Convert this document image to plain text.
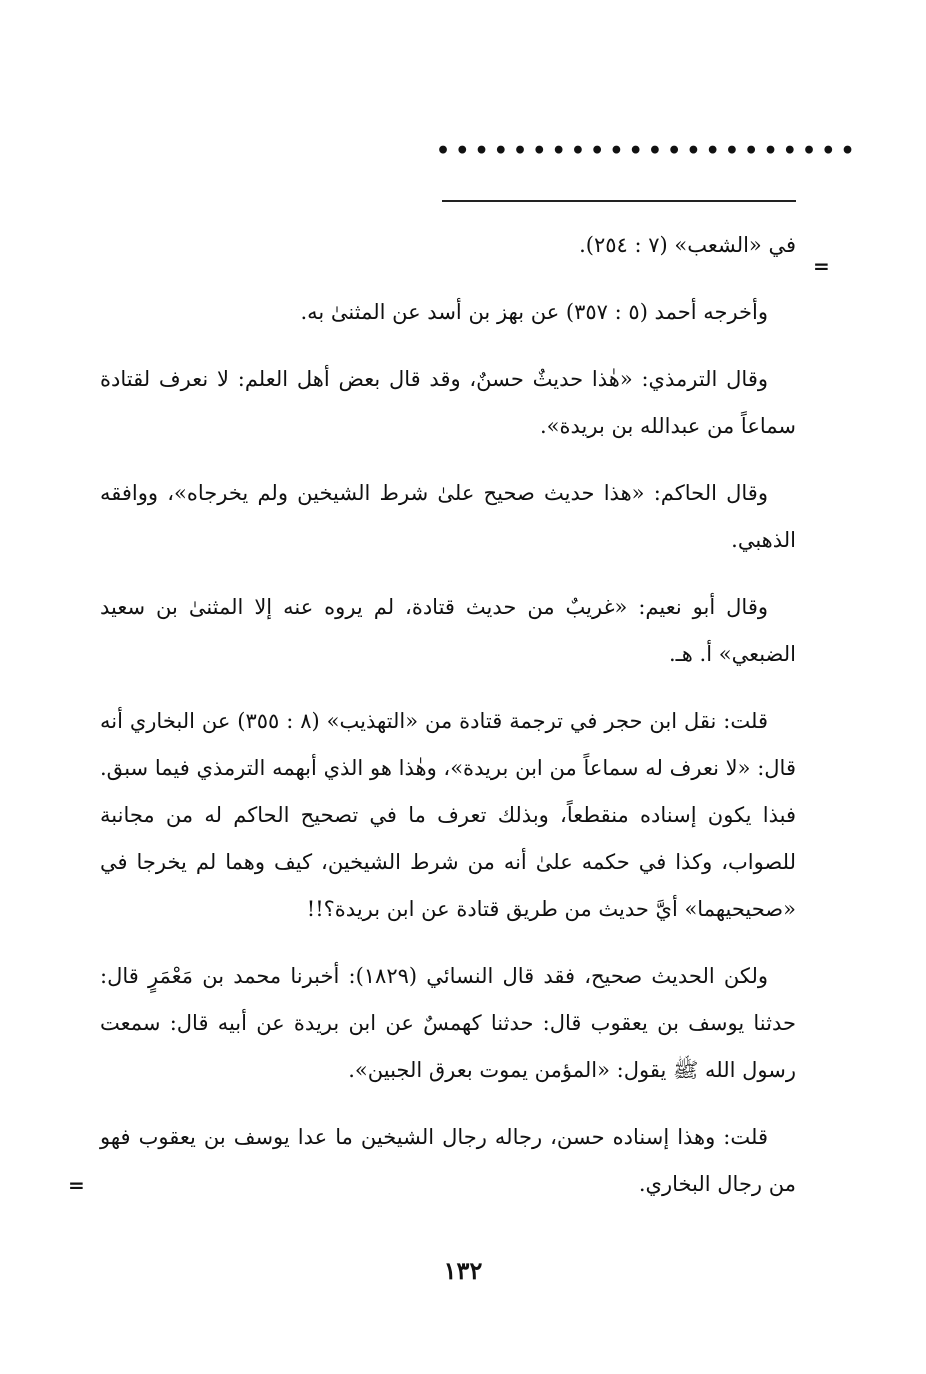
••••••••••••••••••••••
=
=

في «الشعب» (٧ : ٢٥٤).

وأخرجه أحمد (٥ : ٣٥٧) عن بهز بن أسد عن المثنىٰ به.

وقال الترمذي: «هٰذا حديثٌ حسنٌ، وقد قال بعض أهل العلم: لا نعرف لقتادة سماعاً من عبدالله بن بريدة».

وقال الحاكم: «هذا حديث صحيح علىٰ شرط الشيخين ولم يخرجاه»، ووافقه الذهبي.

وقال أبو نعيم: «غريبٌ من حديث قتادة، لم يروه عنه إلا المثنىٰ بن سعيد الضبعي» أ. هـ.

قلت: نقل ابن حجر في ترجمة قتادة من «التهذيب» (٨ : ٣٥٥) عن البخاري أنه قال: «لا نعرف له سماعاً من ابن بريدة»، وهٰذا هو الذي أبهمه الترمذي فيما سبق. فبذا يكون إسناده منقطعاً، وبذلك تعرف ما في تصحيح الحاكم له من مجانبة للصواب، وكذا في حكمه علىٰ أنه من شرط الشيخين، كيف وهما لم يخرجا في «صحيحيهما» أيَّ حديث من طريق قتادة عن ابن بريدة؟!!

ولكن الحديث صحيح، فقد قال النسائي (١٨٢٩): أخبرنا محمد بن مَعْمَرٍ قال: حدثنا يوسف بن يعقوب قال: حدثنا كهمسٌ عن ابن بريدة عن أبيه قال: سمعت رسول الله ﷺ يقول: «المؤمن يموت بعرق الجبين».

قلت: وهذا إسناده حسن، رجاله رجال الشيخين ما عدا يوسف بن يعقوب فهو من رجال البخاري.

١٣٢
